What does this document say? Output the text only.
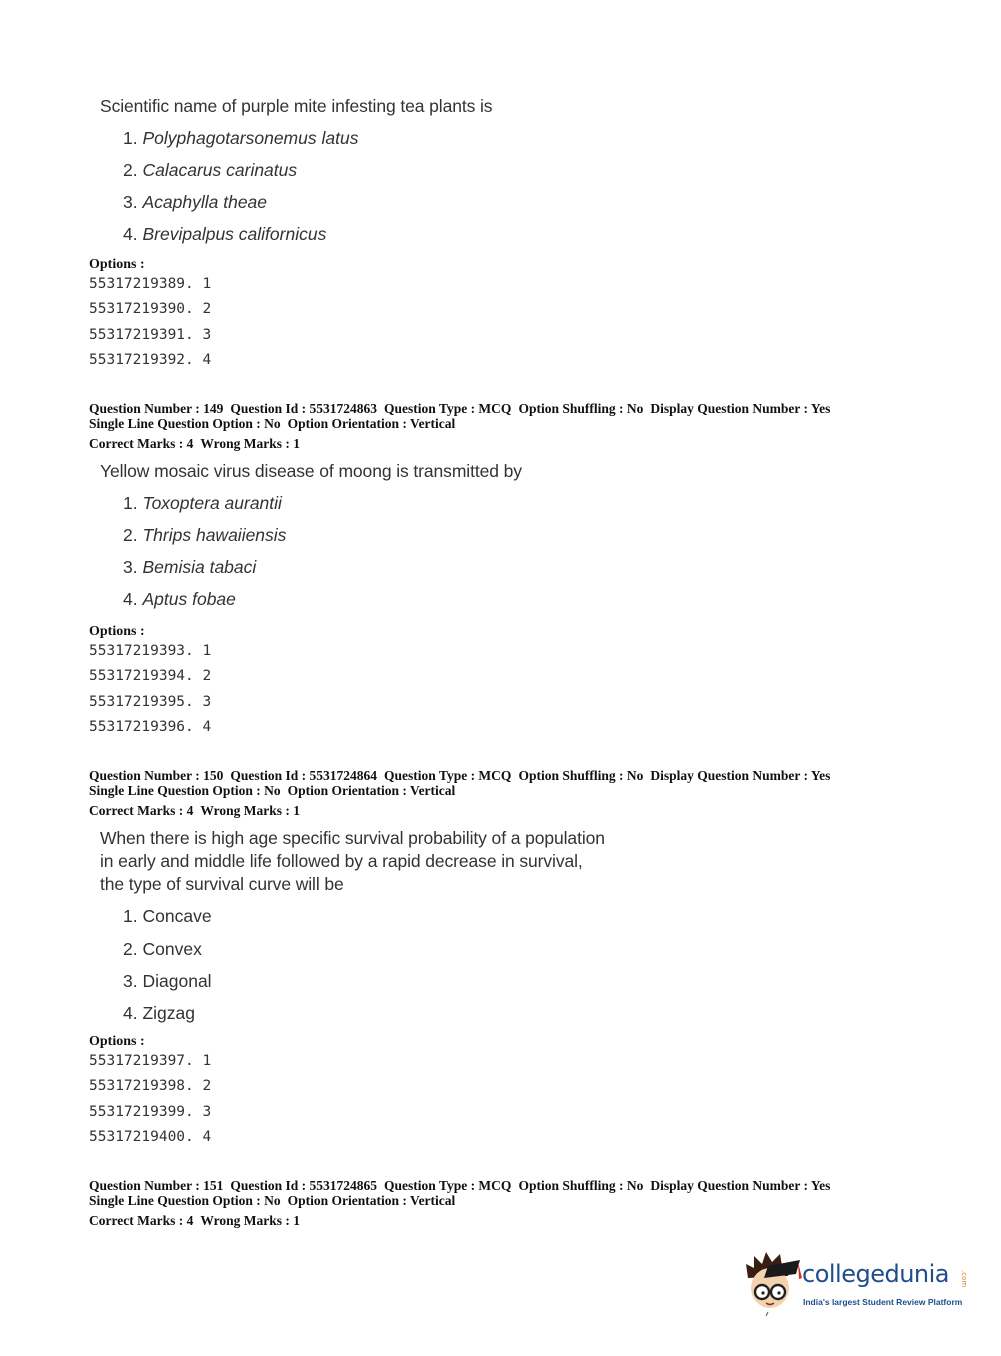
Scientific name of purple mite infesting tea plants is

1. Polyphagotarsonemus latus

2. Calacarus carinatus

3. Acaphylla theae

4. Brevipalpus californicus

Options :

55317219389. 1

55317219390. 2

55317219391. 3

55317219392. 4

Question Number : 149 Question Id : 5531724863 Question Type : MCQ Option Shuffling : No Display Question Number : Yes

Single Line Question Option : No Option Orientation : Vertical

Correct Marks : 4 Wrong Marks : 1

Yellow mosaic virus disease of moong is transmitted by

1. Toxoptera aurantii

2. Thrips hawaiiensis

3. Bemisia tabaci

4. Aptus fobae

Options :

55317219393. 1

55317219394. 2

55317219395. 3

55317219396. 4

Question Number : 150 Question Id : 5531724864 Question Type : MCQ Option Shuffling : No Display Question Number : Yes

Single Line Question Option : No Option Orientation : Vertical

Correct Marks : 4 Wrong Marks : 1

When there is high age specific survival probability of a population
in early and middle life followed by a rapid decrease in survival,
the type of survival curve will be

1. Concave

2. Convex

3. Diagonal

4. Zigzag

Options :

55317219397. 1

55317219398. 2

55317219399. 3

55317219400. 4

Question Number : 151 Question Id : 5531724865 Question Type : MCQ Option Shuffling : No Display Question Number : Yes

Single Line Question Option : No Option Orientation : Vertical

Correct Marks : 4 Wrong Marks : 1

collegedunia .com
India's largest Student Review Platform
